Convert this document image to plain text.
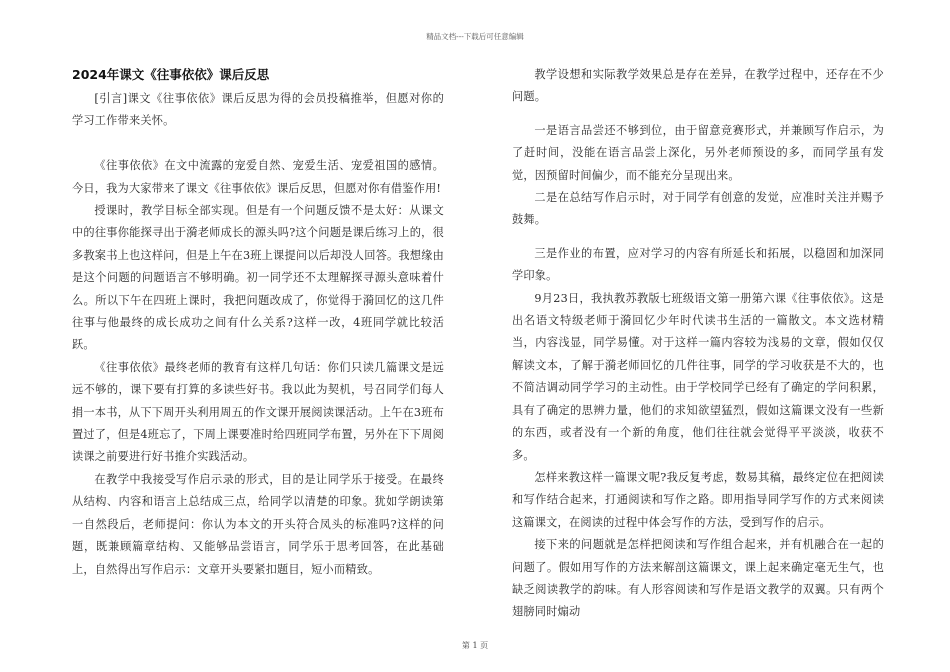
精品文档---下载后可任意编辑
2024年课文《往事依依》课后反思

[引言]课文《往事依依》课后反思为得的会员投稿推举，但愿对你的学习工作带来关怀。

《往事依依》在文中流露的宠爱自然、宠爱生活、宠爱祖国的感情。今日，我为大家带来了课文《往事依依》课后反思，但愿对你有借鉴作用!

授课时，教学目标全部实现。但是有一个问题反馈不是太好：从课文中的往事你能探寻出于漪老师成长的源头吗?这个问题是课后练习上的，很多教案书上也这样问，但是上午在3班上课提问以后却没人回答。我想缘由是这个问题的问题语言不够明确。初一同学还不太理解探寻源头意味着什么。所以下午在四班上课时，我把问题改成了，你觉得于漪回忆的这几件往事与他最终的成长成功之间有什么关系?这样一改，4班同学就比较活跃。

《往事依依》最终老师的教育有这样几句话：你们只读几篇课文是远远不够的，课下要有打算的多读些好书。我以此为契机，号召同学们每人捐一本书，从下下周开头利用周五的作文课开展阅读课活动。上午在3班布置过了，但是4班忘了，下周上课要准时给四班同学布置，另外在下下周阅读课之前要进行好书推介实践活动。

在教学中我接受写作启示录的形式，目的是让同学乐于接受。在最终从结构、内容和语言上总结成三点，给同学以清楚的印象。犹如学朗读第一自然段后，老师提问：你认为本文的开头符合凤头的标准吗?这样的问题，既兼顾篇章结构、又能够品尝语言，同学乐于思考回答，在此基础上，自然得出写作启示：文章开头要紧扣题目，短小而精致。

教学设想和实际教学效果总是存在差异，在教学过程中，还存在不少问题。

一是语言品尝还不够到位，由于留意竞赛形式，并兼顾写作启示，为了赶时间，没能在语言品尝上深化，另外老师预设的多，而同学虽有发觉，因预留时间偏少，而不能充分呈现出来。

二是在总结写作启示时，对于同学有创意的发觉，应准时关注并赐予鼓舞。

三是作业的布置，应对学习的内容有所延长和拓展，以稳固和加深同学印象。

9月23日，我执教苏教版七班级语文第一册第六课《往事依依》。这是出名语文特级老师于漪回忆少年时代读书生活的一篇散文。本文选材精当，内容浅显，同学易懂。对于这样一篇内容较为浅易的文章，假如仅仅解读文本，了解于漪老师回忆的几件往事，同学的学习收获是不大的，也不简洁调动同学学习的主动性。由于学校同学已经有了确定的学问积累，具有了确定的思辨力量，他们的求知欲望猛烈，假如这篇课文没有一些新的东西，或者没有一个新的角度，他们往往就会觉得平平淡淡，收获不多。

怎样来教这样一篇课文呢?我反复考虑，数易其稿，最终定位在把阅读和写作结合起来，打通阅读和写作之路。即用指导同学写作的方式来阅读这篇课文，在阅读的过程中体会写作的方法，受到写作的启示。

接下来的问题就是怎样把阅读和写作组合起来，并有机融合在一起的问题了。假如用写作的方法来解剖这篇课文，课上起来确定毫无生气，也缺乏阅读教学的韵味。有人形容阅读和写作是语文教学的双翼。只有两个翅膀同时煽动

第 1 页
